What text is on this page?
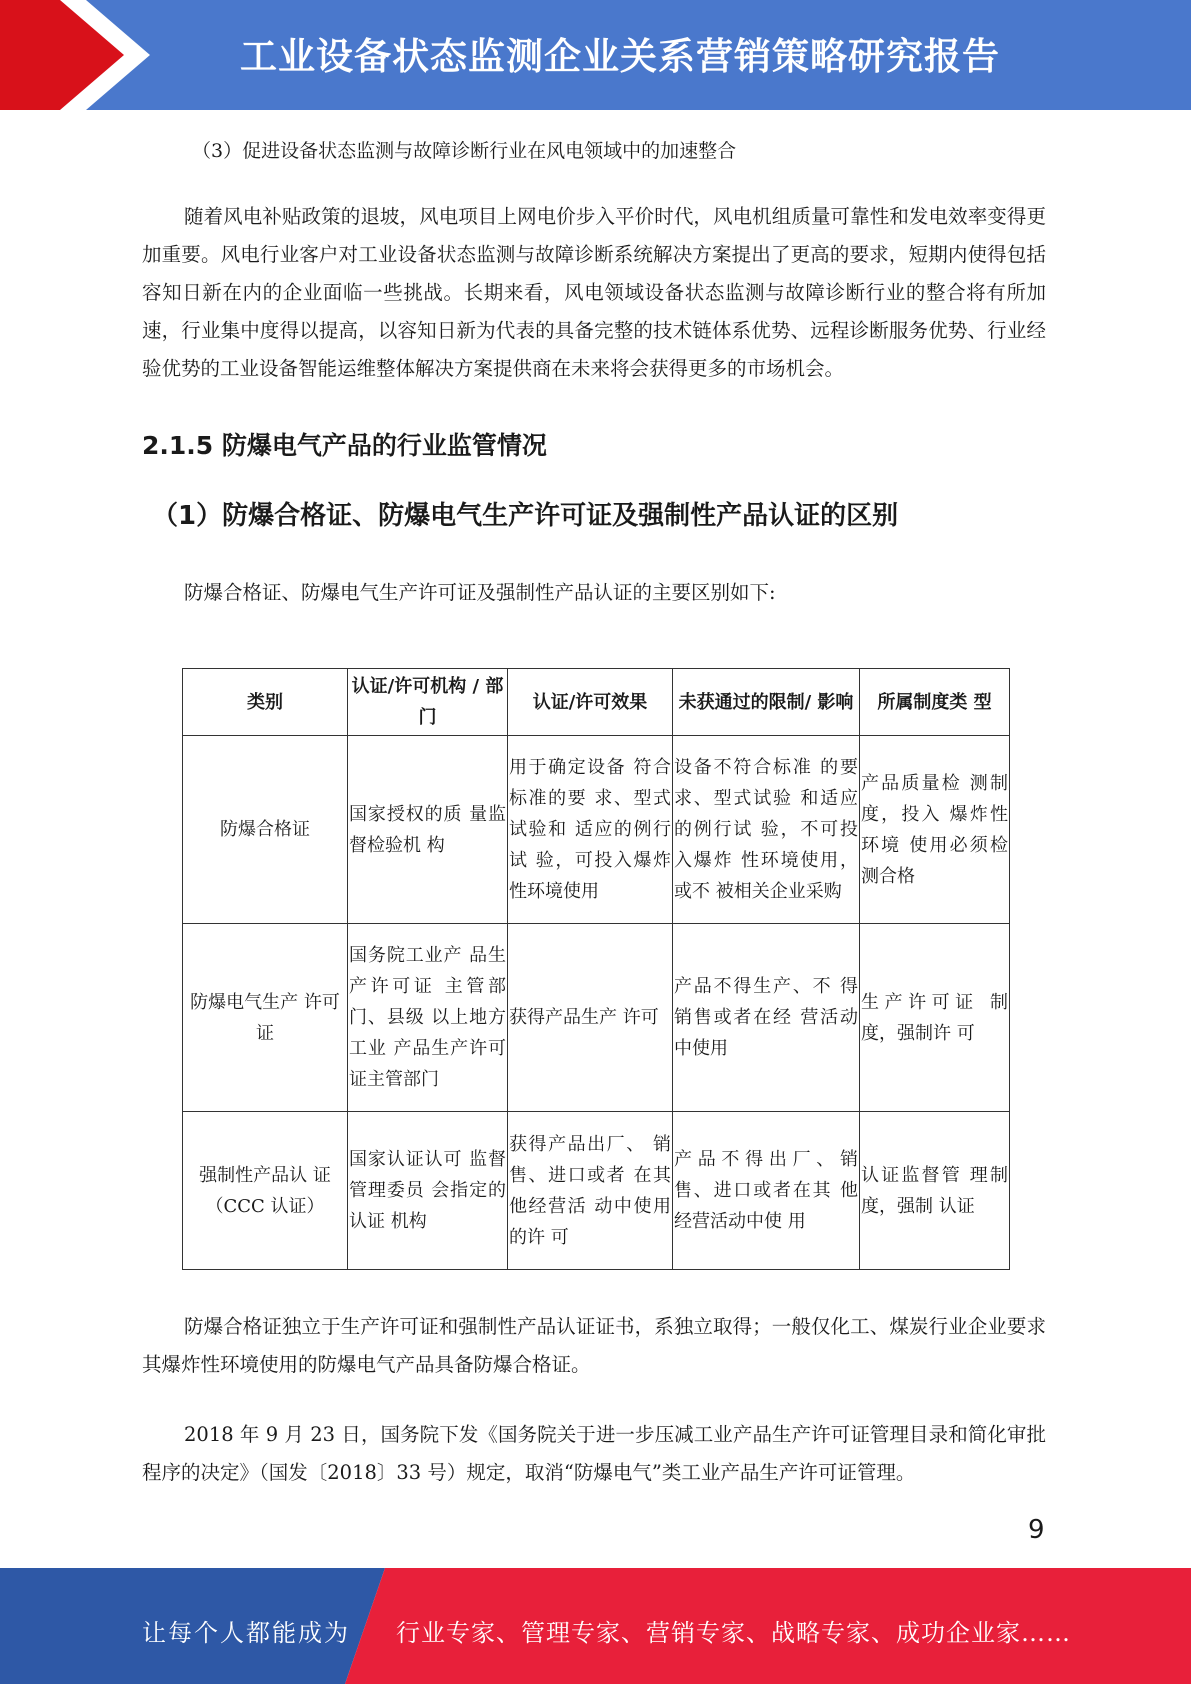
工业设备状态监测企业关系营销策略研究报告

（3）促进设备状态监测与故障诊断行业在风电领域中的加速整合

随着风电补贴政策的退坡，风电项目上网电价步入平价时代，风电机组质量可靠性和发电效率变得更加重要。风电行业客户对工业设备状态监测与故障诊断系统解决方案提出了更高的要求，短期内使得包括容知日新在内的企业面临一些挑战。长期来看，风电领域设备状态监测与故障诊断行业的整合将有所加速，行业集中度得以提高，以容知日新为代表的具备完整的技术链体系优势、远程诊断服务优势、行业经验优势的工业设备智能运维整体解决方案提供商在未来将会获得更多的市场机会。

2.1.5 防爆电气产品的行业监管情况
（1）防爆合格证、防爆电气生产许可证及强制性产品认证的区别

防爆合格证、防爆电气生产许可证及强制性产品认证的主要区别如下:

类别	认证/许可机构 / 部门	认证/许可效果	未获通过的限制/ 影响	所属制度类 型
防爆合格证	国家授权的质 量监督检验机 构	用于确定设备 符合标准的要 求、型式试验和 适应的例行试 验，可投入爆炸 性环境使用	设备不符合标准 的要求、型式试验 和适应的例行试 验，不可投入爆炸 性环境使用，或不 被相关企业采购	产品质量检 测制度，投入 爆炸性环境 使用必须检 测合格
防爆电气生产 许可证	国务院工业产 品生产许可证 主管部门、县级 以上地方工业 产品生产许可 证主管部门	获得产品生产 许可	产品不得生产、不 得销售或者在经 营活动中使用	生产许可证 制度，强制许 可
强制性产品认 证（CCC 认证）	国家认证认可 监督管理委员 会指定的认证 机构	获得产品出厂、 销售、进口或者 在其他经营活 动中使用的许 可	产品不得出厂、销 售、进口或者在其 他经营活动中使 用	认证监督管 理制度，强制 认证

防爆合格证独立于生产许可证和强制性产品认证证书，系独立取得；一般仅化工、煤炭行业企业要求其爆炸性环境使用的防爆电气产品具备防爆合格证。

2018 年 9 月 23 日，国务院下发《国务院关于进一步压减工业产品生产许可证管理目录和简化审批程序的决定》（国发〔2018〕33 号）规定，取消“防爆电气”类工业产品生产许可证管理。

9
让每个人都能成为 行业专家、管理专家、营销专家、战略专家、成功企业家……
